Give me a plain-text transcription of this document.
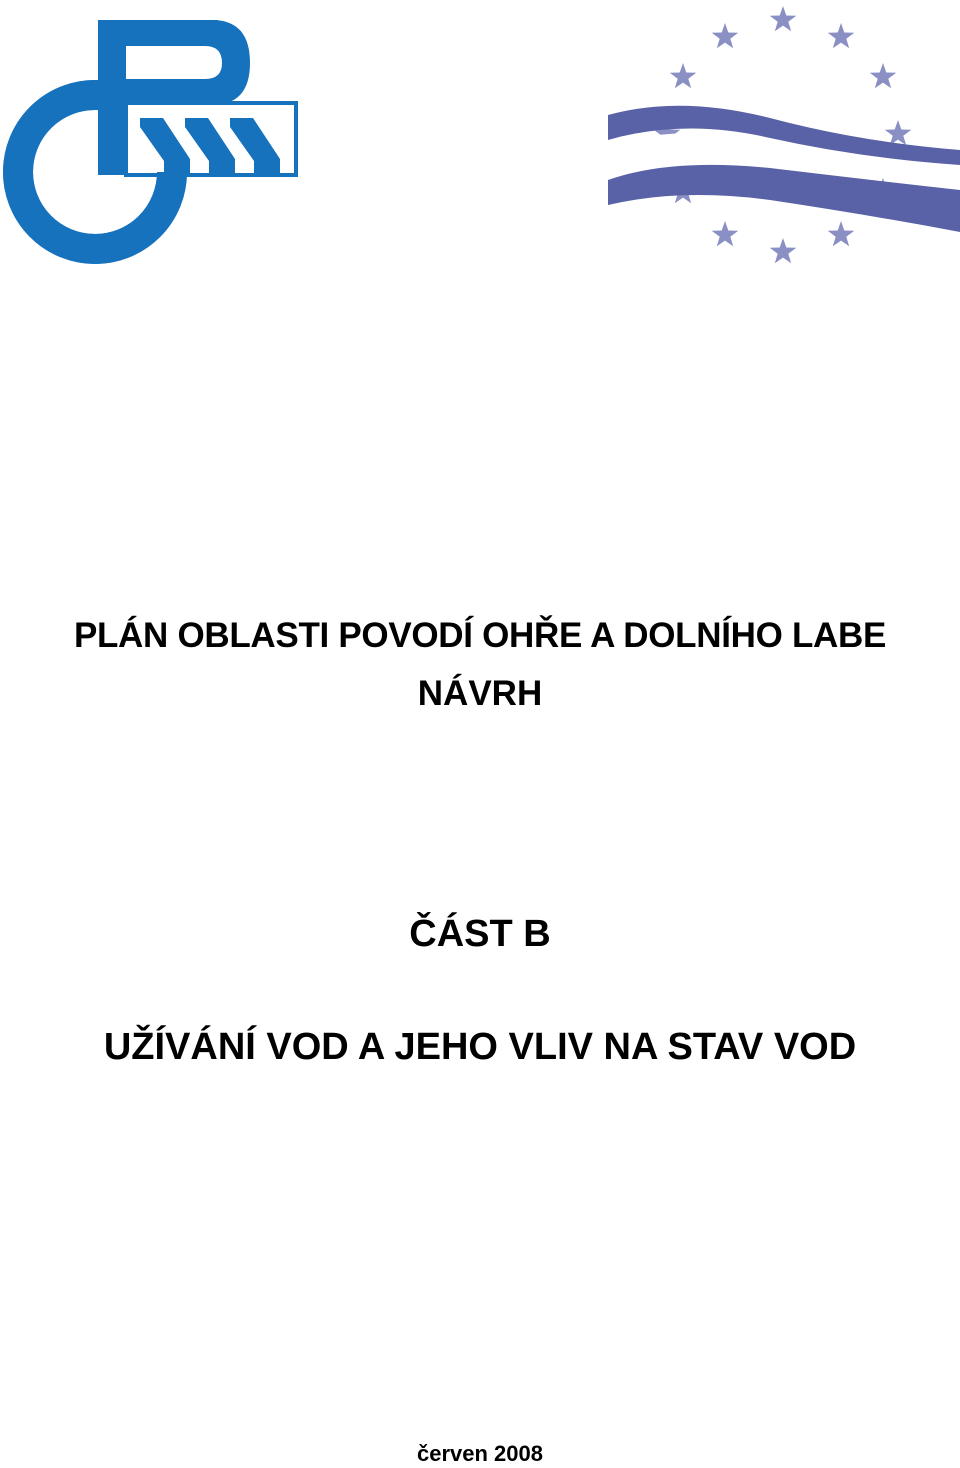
PLÁN OBLASTI POVODÍ OHŘE A DOLNÍHO LABE
NÁVRH
ČÁST B
UŽÍVÁNÍ VOD A JEHO VLIV NA STAV VOD
červen 2008
